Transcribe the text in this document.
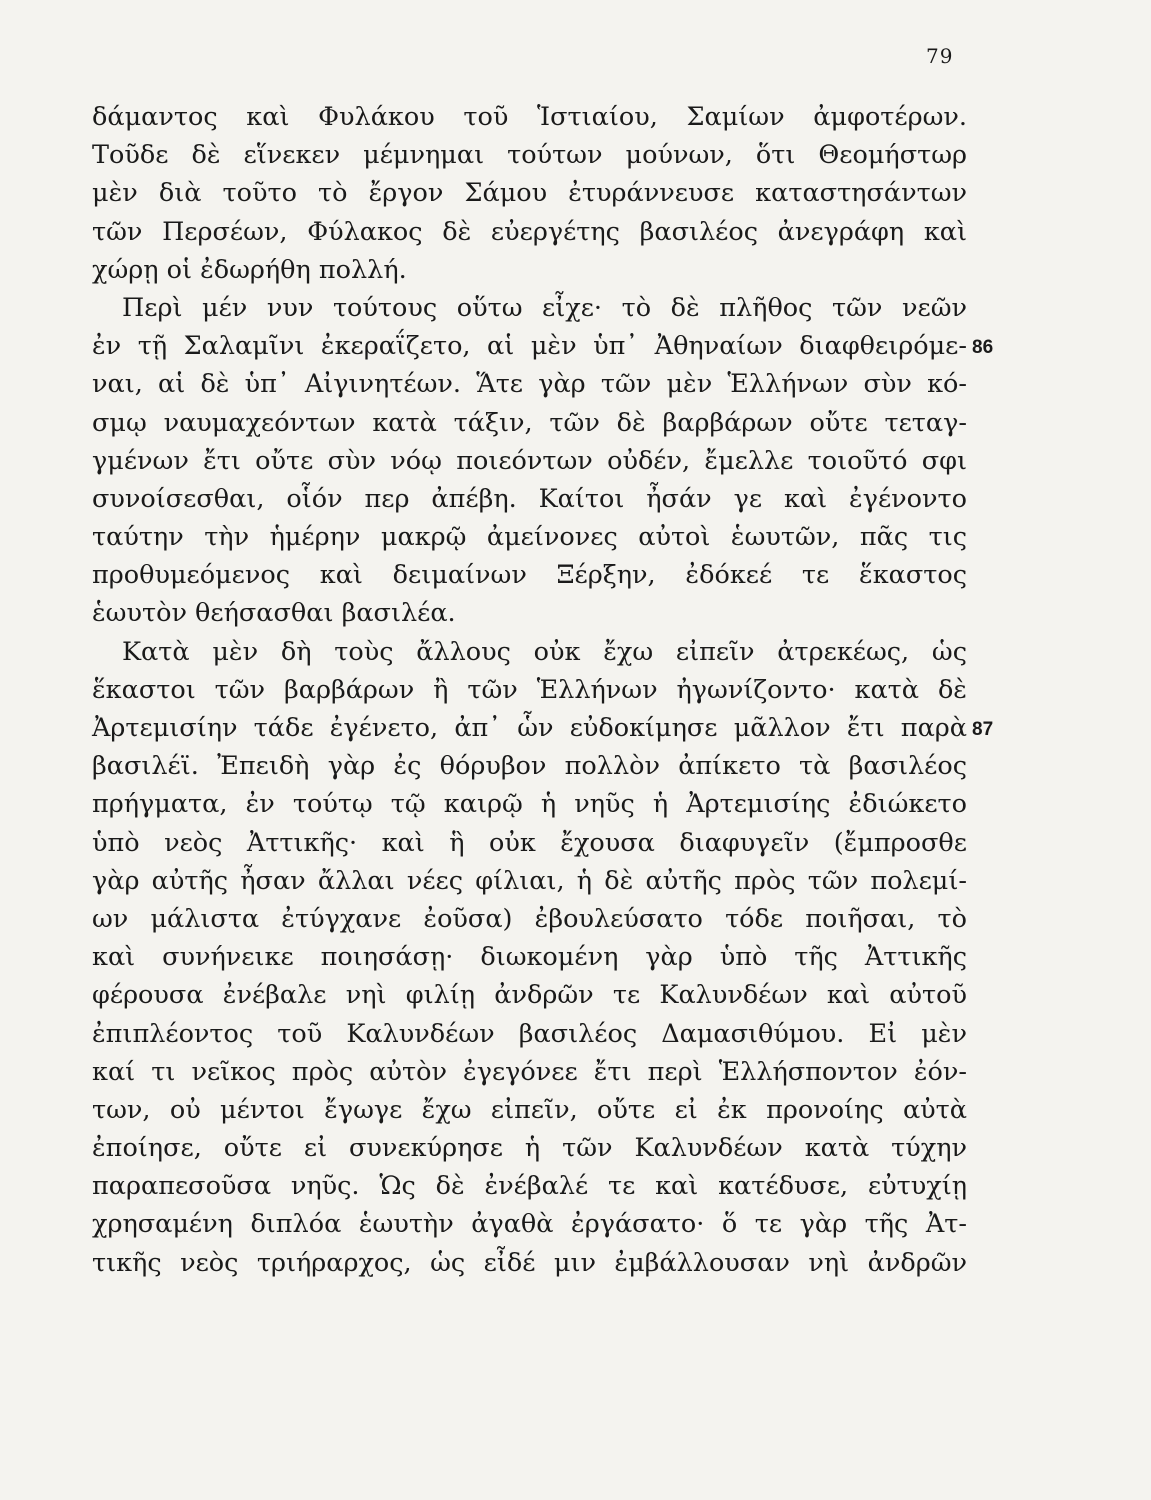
79
δάμαντος καὶ Φυλάκου τοῦ Ἱστιαίου, Σαμίων ἀμφοτέρων.
Τοῦδε δὲ εἵνεκεν μέμνημαι τούτων μούνων, ὅτι Θεομήστωρ
μὲν διὰ τοῦτο τὸ ἔργον Σάμου ἐτυράννευσε καταστησάντων
τῶν Περσέων, Φύλακος δὲ εὐεργέτης βασιλέος ἀνεγράφη καὶ
χώρῃ οἱ ἐδωρήθη πολλή.
Περὶ μέν νυν τούτους οὕτω εἶχε· τὸ δὲ πλῆθος τῶν νεῶν
ἐν τῇ Σαλαμῖνι ἐκεραΐζετο, αἱ μὲν ὑπ᾽ Ἀθηναίων διαφθειρόμε-
ναι, αἱ δὲ ὑπ᾽ Αἰγινητέων. Ἅτε γὰρ τῶν μὲν Ἑλλήνων σὺν κό-
σμῳ ναυμαχεόντων κατὰ τάξιν, τῶν δὲ βαρβάρων οὔτε τεταγ-
γμένων ἔτι οὔτε σὺν νόῳ ποιεόντων οὐδέν, ἔμελλε τοιοῦτό σφι
συνοίσεσθαι, οἷόν περ ἀπέβη. Καίτοι ἦσάν γε καὶ ἐγένοντο
ταύτην τὴν ἡμέρην μακρῷ ἀμείνονες αὐτοὶ ἑωυτῶν, πᾶς τις
προθυμεόμενος καὶ δειμαίνων Ξέρξην, ἐδόκεέ τε ἕκαστος
ἑωυτὸν θεήσασθαι βασιλέα.
Κατὰ μὲν δὴ τοὺς ἄλλους οὐκ ἔχω εἰπεῖν ἀτρεκέως, ὡς
ἕκαστοι τῶν βαρβάρων ἢ τῶν Ἑλλήνων ἠγωνίζοντο· κατὰ δὲ
Ἀρτεμισίην τάδε ἐγένετο, ἀπ᾽ ὧν εὐδοκίμησε μᾶλλον ἔτι παρὰ
βασιλέϊ. Ἐπειδὴ γὰρ ἐς θόρυβον πολλὸν ἀπίκετο τὰ βασιλέος
πρήγματα, ἐν τούτῳ τῷ καιρῷ ἡ νηῦς ἡ Ἀρτεμισίης ἐδιώκετο
ὑπὸ νεὸς Ἀττικῆς· καὶ ἣ οὐκ ἔχουσα διαφυγεῖν (ἔμπροσθε
γὰρ αὐτῆς ἦσαν ἄλλαι νέες φίλιαι, ἡ δὲ αὐτῆς πρὸς τῶν πολεμί-
ων μάλιστα ἐτύγχανε ἐοῦσα) ἐβουλεύσατο τόδε ποιῆσαι, τὸ
καὶ συνήνεικε ποιησάσῃ· διωκομένη γὰρ ὑπὸ τῆς Ἀττικῆς
φέρουσα ἐνέβαλε νηὶ φιλίῃ ἀνδρῶν τε Καλυνδέων καὶ αὐτοῦ
ἐπιπλέοντος τοῦ Καλυνδέων βασιλέος Δαμασιθύμου. Εἰ μὲν
καί τι νεῖκος πρὸς αὐτὸν ἐγεγόνεε ἔτι περὶ Ἑλλήσποντον ἐόν-
των, οὐ μέντοι ἔγωγε ἔχω εἰπεῖν, οὔτε εἰ ἐκ προνοίης αὐτὰ
ἐποίησε, οὔτε εἰ συνεκύρησε ἡ τῶν Καλυνδέων κατὰ τύχην
παραπεσοῦσα νηῦς. Ὡς δὲ ἐνέβαλέ τε καὶ κατέδυσε, εὐτυχίῃ
χρησαμένη διπλόα ἑωυτὴν ἀγαθὰ ἐργάσατο· ὅ τε γὰρ τῆς Ἀτ-
τικῆς νεὸς τριήραρχος, ὡς εἶδέ μιν ἐμβάλλουσαν νηὶ ἀνδρῶν
86
87
